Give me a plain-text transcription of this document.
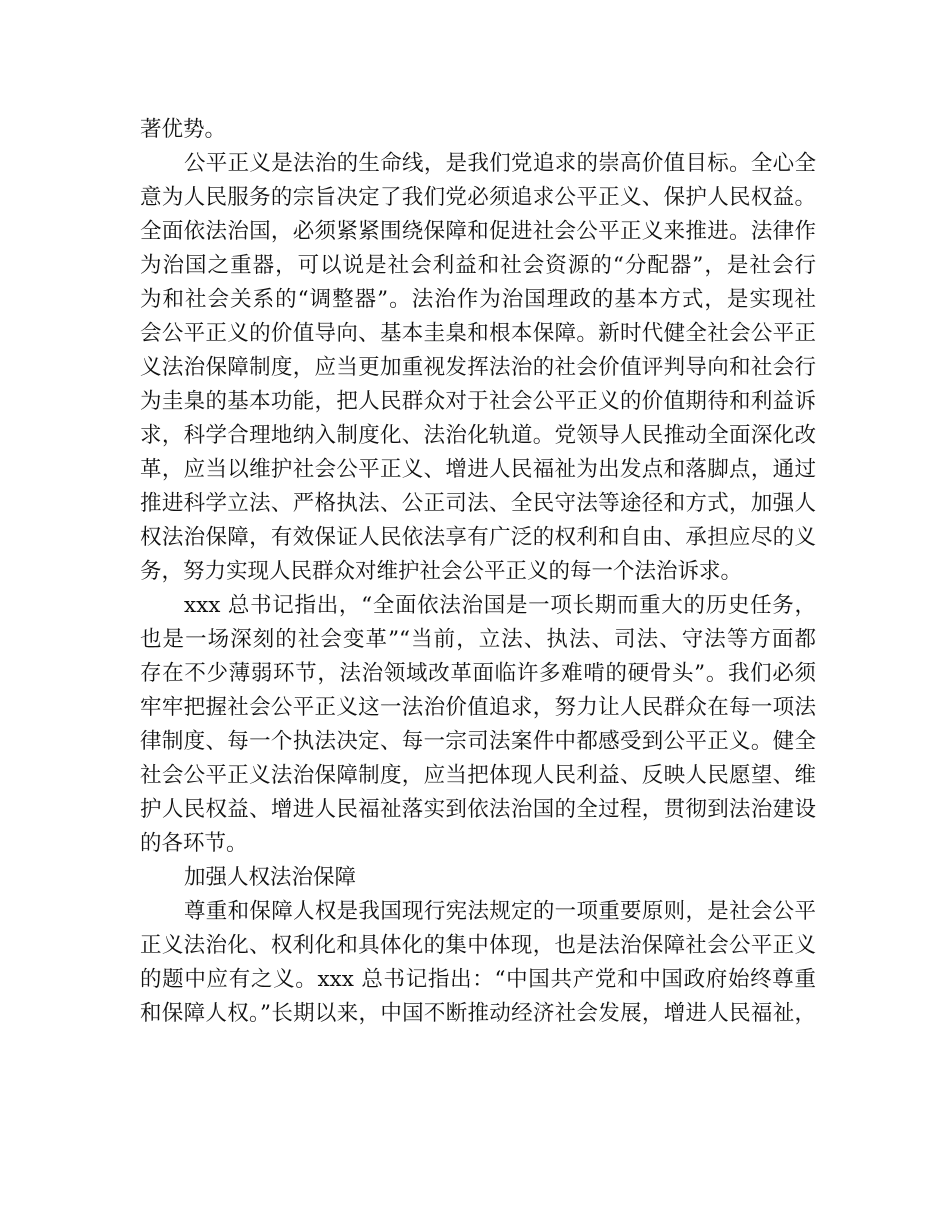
著优势。
公平正义是法治的生命线，是我们党追求的崇高价值目标。全心全
意为人民服务的宗旨决定了我们党必须追求公平正义、保护人民权益。
全面依法治国，必须紧紧围绕保障和促进社会公平正义来推进。法律作
为治国之重器，可以说是社会利益和社会资源的“分配器”，是社会行
为和社会关系的“调整器”。法治作为治国理政的基本方式，是实现社
会公平正义的价值导向、基本圭臬和根本保障。新时代健全社会公平正
义法治保障制度，应当更加重视发挥法治的社会价值评判导向和社会行
为圭臬的基本功能，把人民群众对于社会公平正义的价值期待和利益诉
求，科学合理地纳入制度化、法治化轨道。党领导人民推动全面深化改
革，应当以维护社会公平正义、增进人民福祉为出发点和落脚点，通过
推进科学立法、严格执法、公正司法、全民守法等途径和方式，加强人
权法治保障，有效保证人民依法享有广泛的权利和自由、承担应尽的义
务，努力实现人民群众对维护社会公平正义的每一个法治诉求。
xxx 总书记指出，“全面依法治国是一项长期而重大的历史任务，
也是一场深刻的社会变革”“当前，立法、执法、司法、守法等方面都
存在不少薄弱环节，法治领域改革面临许多难啃的硬骨头”。我们必须
牢牢把握社会公平正义这一法治价值追求，努力让人民群众在每一项法
律制度、每一个执法决定、每一宗司法案件中都感受到公平正义。健全
社会公平正义法治保障制度，应当把体现人民利益、反映人民愿望、维
护人民权益、增进人民福祉落实到依法治国的全过程，贯彻到法治建设
的各环节。
加强人权法治保障
尊重和保障人权是我国现行宪法规定的一项重要原则，是社会公平
正义法治化、权利化和具体化的集中体现，也是法治保障社会公平正义
的题中应有之义。xxx 总书记指出：“中国共产党和中国政府始终尊重
和保障人权。”长期以来，中国不断推动经济社会发展，增进人民福祉，
